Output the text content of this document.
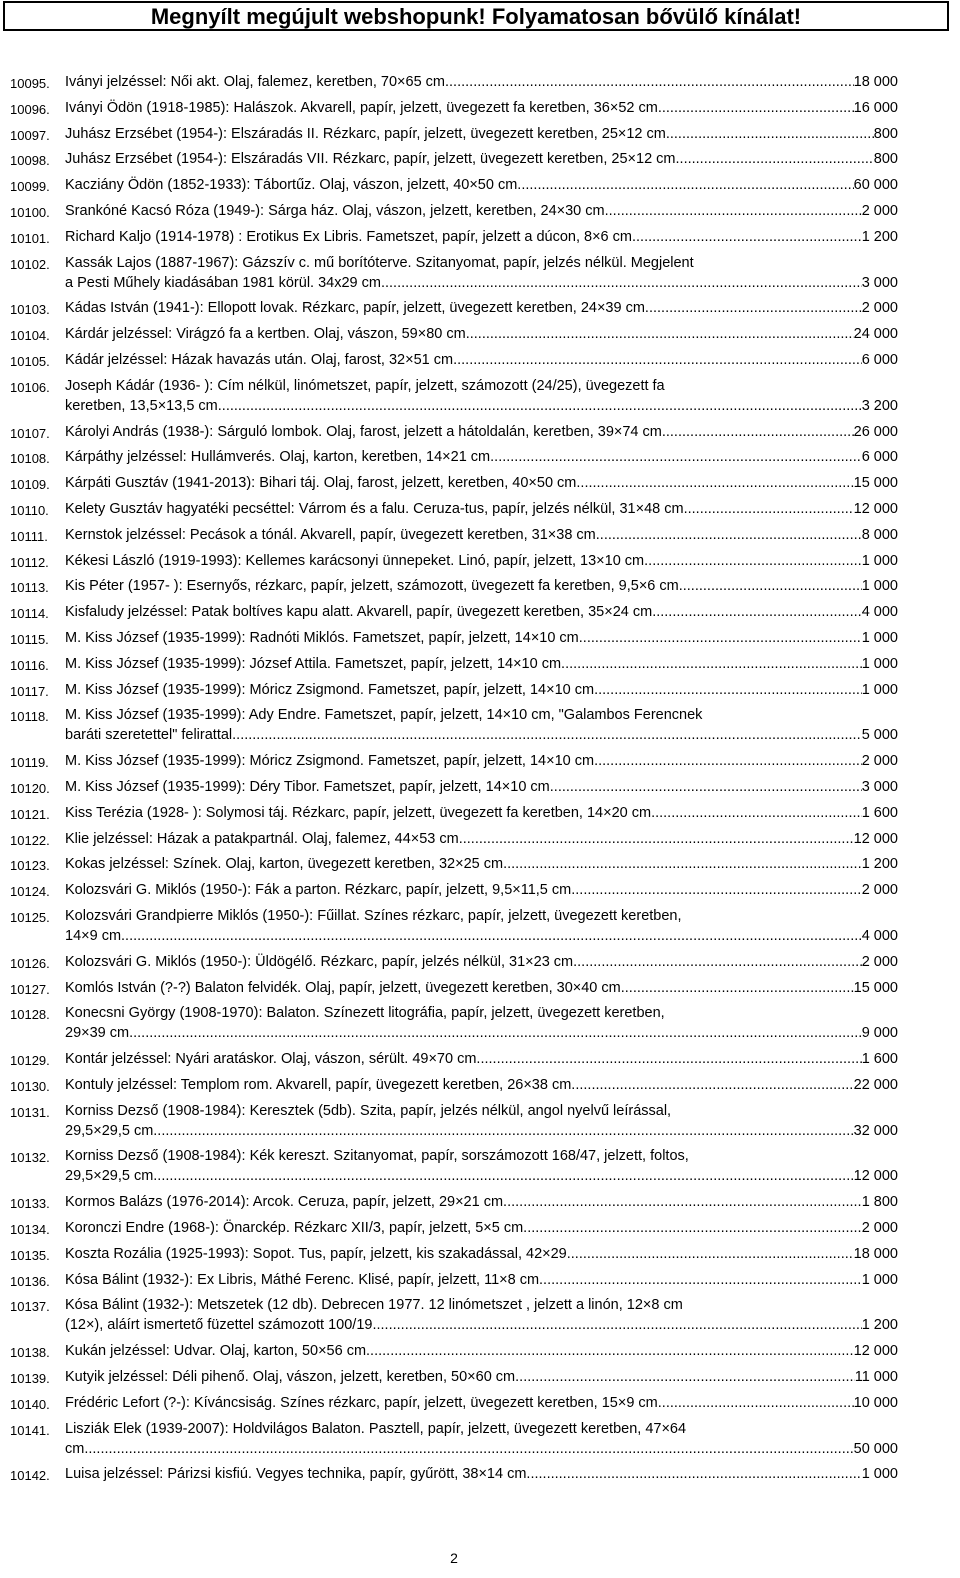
Megnyílt megújult webshopunk! Folyamatosan bővülő kínálat!
10095.	Iványi jelzéssel: Női akt. Olaj, falemez, keretben, 70×65 cm .....	18 000
10096.	Iványi Ödön (1918-1985): Halászok. Akvarell, papír, jelzett, üvegezett fa keretben, 36×52 cm .....	16 000
10097.	Juhász Erzsébet (1954-): Elszáradás II. Rézkarc, papír, jelzett, üvegezett keretben, 25×12 cm .....	800
10098.	Juhász Erzsébet (1954-): Elszáradás VII. Rézkarc, papír, jelzett, üvegezett keretben, 25×12 cm .....	800
10099.	Kacziány Ödön (1852-1933): Tábortűz. Olaj, vászon, jelzett, 40×50 cm .....	60 000
10100.	Srankóné Kacsó Róza (1949-): Sárga ház. Olaj, vászon, jelzett, keretben, 24×30 cm .....	2 000
10101.	Richard Kaljo (1914-1978) : Erotikus Ex Libris. Fametszet, papír, jelzett a dúcon, 8×6 cm .....	1 200
10102.	Kassák Lajos (1887-1967): Gázszív c. mű borítóterve. Szitanyomat, papír, jelzés nélkül. Megjelent
a Pesti Műhely kiadásában 1981 körül. 34x29 cm. .....	3 000
10103.	Kádas István (1941-): Ellopott lovak. Rézkarc, papír, jelzett, üvegezett keretben, 24×39 cm .....	2 000
10104.	Kárdár jelzéssel: Virágzó fa a kertben. Olaj, vászon, 59×80 cm .....	24 000
10105.	Kádár jelzéssel: Házak havazás után. Olaj, farost, 32×51 cm .....	6 000
10106.	Joseph Kádár (1936- ): Cím nélkül, linómetszet, papír, jelzett, számozott (24/25), üvegezett fa
keretben, 13,5×13,5 cm .....	3 200
10107.	Károlyi András (1938-): Sárguló lombok. Olaj, farost, jelzett a hátoldalán, keretben, 39×74 cm .....	26 000
10108.	Kárpáthy jelzéssel: Hullámverés. Olaj, karton, keretben, 14×21 cm .....	6 000
10109.	Kárpáti Gusztáv (1941-2013): Bihari táj. Olaj, farost, jelzett, keretben, 40×50 cm .....	15 000
10110.	Kelety Gusztáv hagyatéki pecséttel: Várrom és a falu. Ceruza-tus, papír, jelzés nélkül, 31×48 cm .....	12 000
10111.	Kernstok jelzéssel: Pecások a tónál. Akvarell, papír, üvegezett keretben, 31×38 cm .....	8 000
10112.	Kékesi László (1919-1993): Kellemes karácsonyi ünnepeket. Linó, papír, jelzett, 13×10 cm .....	1 000
10113.	Kis Péter (1957- ): Esernyős, rézkarc, papír, jelzett, számozott, üvegezett fa keretben, 9,5×6 cm .....	1 000
10114.	Kisfaludy jelzéssel: Patak boltíves kapu alatt. Akvarell, papír, üvegezett keretben, 35×24 cm .....	4 000
10115.	M. Kiss József (1935-1999): Radnóti Miklós. Fametszet, papír, jelzett, 14×10 cm. .....	1 000
10116.	M. Kiss József (1935-1999): József Attila. Fametszet, papír, jelzett, 14×10 cm .....	1 000
10117.	M. Kiss József (1935-1999): Móricz Zsigmond. Fametszet, papír, jelzett, 14×10 cm .....	1 000
10118.	M. Kiss József (1935-1999): Ady Endre. Fametszet, papír, jelzett, 14×10 cm, "Galambos Ferencnek
baráti szeretettel" felirattal .....	5 000
10119.	M. Kiss József (1935-1999): Móricz Zsigmond. Fametszet, papír, jelzett, 14×10 cm .....	2 000
10120.	M. Kiss József (1935-1999): Déry Tibor. Fametszet, papír, jelzett, 14×10 cm .....	3 000
10121.	Kiss Terézia (1928- ): Solymosi táj. Rézkarc, papír, jelzett, üvegezett fa keretben, 14×20 cm .....	1 600
10122.	Klie jelzéssel: Házak a patakpartnál. Olaj, falemez, 44×53 cm .....	12 000
10123.	Kokas jelzéssel: Színek. Olaj, karton, üvegezett keretben, 32×25 cm .....	1 200
10124.	Kolozsvári G. Miklós (1950-): Fák a parton. Rézkarc, papír, jelzett, 9,5×11,5 cm .....	2 000
10125.	Kolozsvári Grandpierre Miklós (1950-): Fűillat. Színes rézkarc, papír, jelzett, üvegezett keretben,
14×9 cm .....	4 000
10126.	Kolozsvári G. Miklós (1950-): Üldögélő. Rézkarc, papír, jelzés nélkül, 31×23 cm .....	2 000
10127.	Komlós István (?-?) Balaton felvidék. Olaj, papír, jelzett, üvegezett keretben, 30×40 cm .....	15 000
10128.	Konecsni György (1908-1970): Balaton. Színezett litográfia, papír, jelzett, üvegezett keretben,
29×39 cm .....	9 000
10129.	Kontár jelzéssel: Nyári aratáskor. Olaj, vászon, sérült. 49×70 cm .....	1 600
10130.	Kontuly jelzéssel: Templom rom. Akvarell, papír, üvegezett keretben, 26×38 cm .....	22 000
10131.	Korniss Dezső (1908-1984): Keresztek (5db). Szita, papír, jelzés nélkül, angol nyelvű leírással,
29,5×29,5 cm .....	32 000
10132.	Korniss Dezső (1908-1984): Kék kereszt. Szitanyomat, papír, sorszámozott 168/47, jelzett, foltos,
29,5×29,5 cm .....	12 000
10133.	Kormos Balázs (1976-2014): Arcok. Ceruza, papír, jelzett, 29×21 cm .....	1 800
10134.	Koronczi Endre (1968-): Önarckép. Rézkarc XII/3, papír, jelzett, 5×5 cm .....	2 000
10135.	Koszta Rozália (1925-1993): Sopot. Tus, papír, jelzett, kis szakadással, 42×29 .....	18 000
10136.	Kósa Bálint (1932-): Ex Libris, Máthé Ferenc. Klisé, papír, jelzett, 11×8 cm .....	1 000
10137.	Kósa Bálint (1932-): Metszetek (12 db). Debrecen 1977. 12 linómetszet , jelzett a linón, 12×8 cm
(12×), aláírt ismertető füzettel számozott 100/19 .....	1 200
10138.	Kukán jelzéssel: Udvar. Olaj, karton, 50×56 cm .....	12 000
10139.	Kutyik jelzéssel: Déli pihenő. Olaj, vászon, jelzett, keretben, 50×60 cm .....	11 000
10140.	Frédéric Lefort (?-): Kíváncsiság. Színes rézkarc, papír, jelzett, üvegezett keretben, 15×9 cm .....	10 000
10141.	Lisziák Elek (1939-2007): Holdvilágos Balaton. Pasztell, papír, jelzett, üvegezett keretben, 47×64
cm .....	50 000
10142.	Luisa jelzéssel: Párizsi kisfiú. Vegyes technika, papír, gyűrött, 38×14 cm .....	1 000
2
